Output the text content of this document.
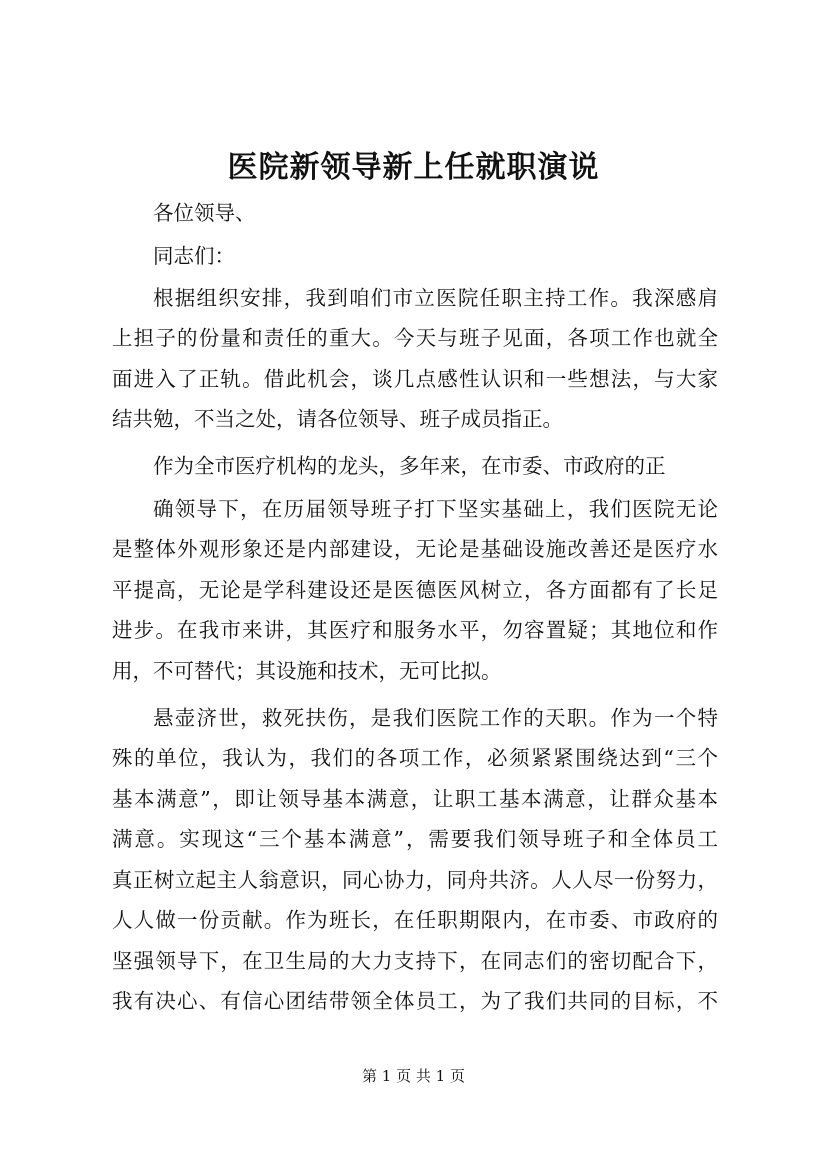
医院新领导新上任就职演说

各位领导、

同志们：

根据组织安排，我到咱们市立医院任职主持工作。我深感肩

上担子的份量和责任的重大。今天与班子见面，各项工作也就全

面进入了正轨。借此机会，谈几点感性认识和一些想法，与大家

结共勉，不当之处，请各位领导、班子成员指正。

作为全市医疗机构的龙头，多年来，在市委、市政府的正

确领导下，在历届领导班子打下坚实基础上，我们医院无论

是整体外观形象还是内部建设，无论是基础设施改善还是医疗水

平提高，无论是学科建设还是医德医风树立，各方面都有了长足

进步。在我市来讲，其医疗和服务水平，勿容置疑；其地位和作

用，不可替代；其设施和技术，无可比拟。

悬壶济世，救死扶伤，是我们医院工作的天职。作为一个特

殊的单位，我认为，我们的各项工作，必须紧紧围绕达到“三个

基本满意”，即让领导基本满意，让职工基本满意，让群众基本

满意。实现这“三个基本满意”，需要我们领导班子和全体员工

真正树立起主人翁意识，同心协力，同舟共济。人人尽一份努力，

人人做一份贡献。作为班长，在任职期限内，在市委、市政府的

坚强领导下，在卫生局的大力支持下，在同志们的密切配合下，

我有决心、有信心团结带领全体员工，为了我们共同的目标，不

第 1 页 共 1 页
